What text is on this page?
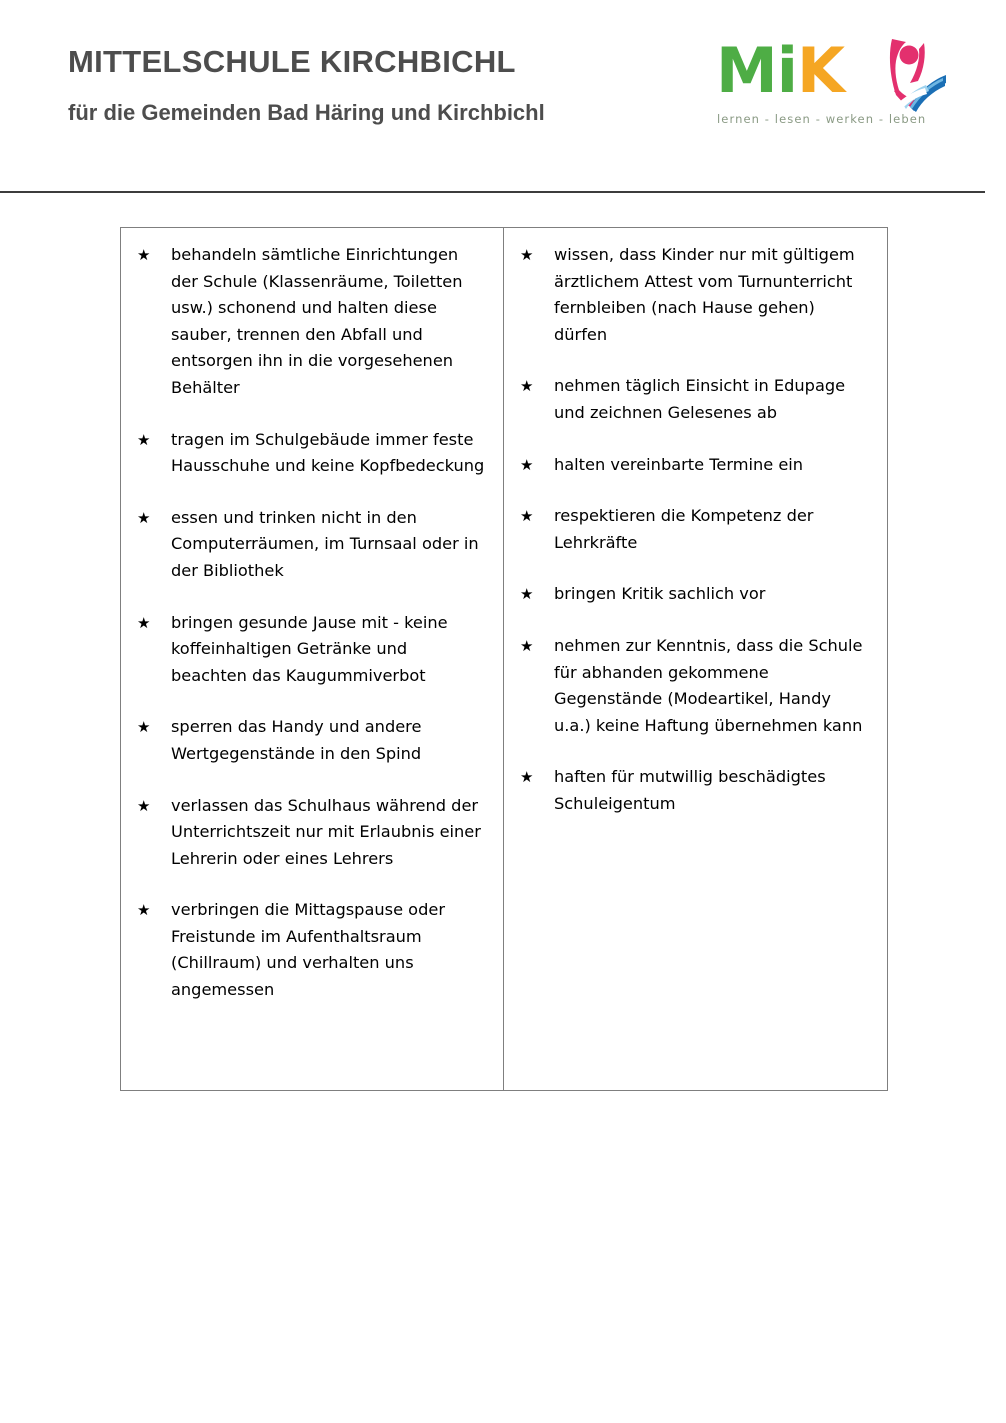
MITTELSCHULE KIRCHBICHL
für die Gemeinden Bad Häring und Kirchbichl
MiK
lernen - lesen - werken - leben
★ behandeln sämtliche Einrichtungen der Schule (Klassenräume, Toiletten usw.) schonend und halten diese sauber, trennen den Abfall und entsorgen ihn in die vorgesehenen Behälter
★ tragen im Schulgebäude immer feste Hausschuhe und keine Kopfbedeckung
★ essen und trinken nicht in den Computerräumen, im Turnsaal oder in der Bibliothek
★ bringen gesunde Jause mit - keine koffeinhaltigen Getränke und beachten das Kaugummiverbot
★ sperren das Handy und andere Wertgegenstände in den Spind
★ verlassen das Schulhaus während der Unterrichtszeit nur mit Erlaubnis einer Lehrerin oder eines Lehrers
★ verbringen die Mittagspause oder Freistunde im Aufenthaltsraum (Chillraum) und verhalten uns angemessen
★ wissen, dass Kinder nur mit gültigem ärztlichem Attest vom Turnunterricht fernbleiben (nach Hause gehen) dürfen
★ nehmen täglich Einsicht in Edupage und zeichnen Gelesenes ab
★ halten vereinbarte Termine ein
★ respektieren die Kompetenz der Lehrkräfte
★ bringen Kritik sachlich vor
★ nehmen zur Kenntnis, dass die Schule für abhanden gekommene Gegenstände (Modeartikel, Handy u.a.) keine Haftung übernehmen kann
★ haften für mutwillig beschädigtes Schuleigentum
